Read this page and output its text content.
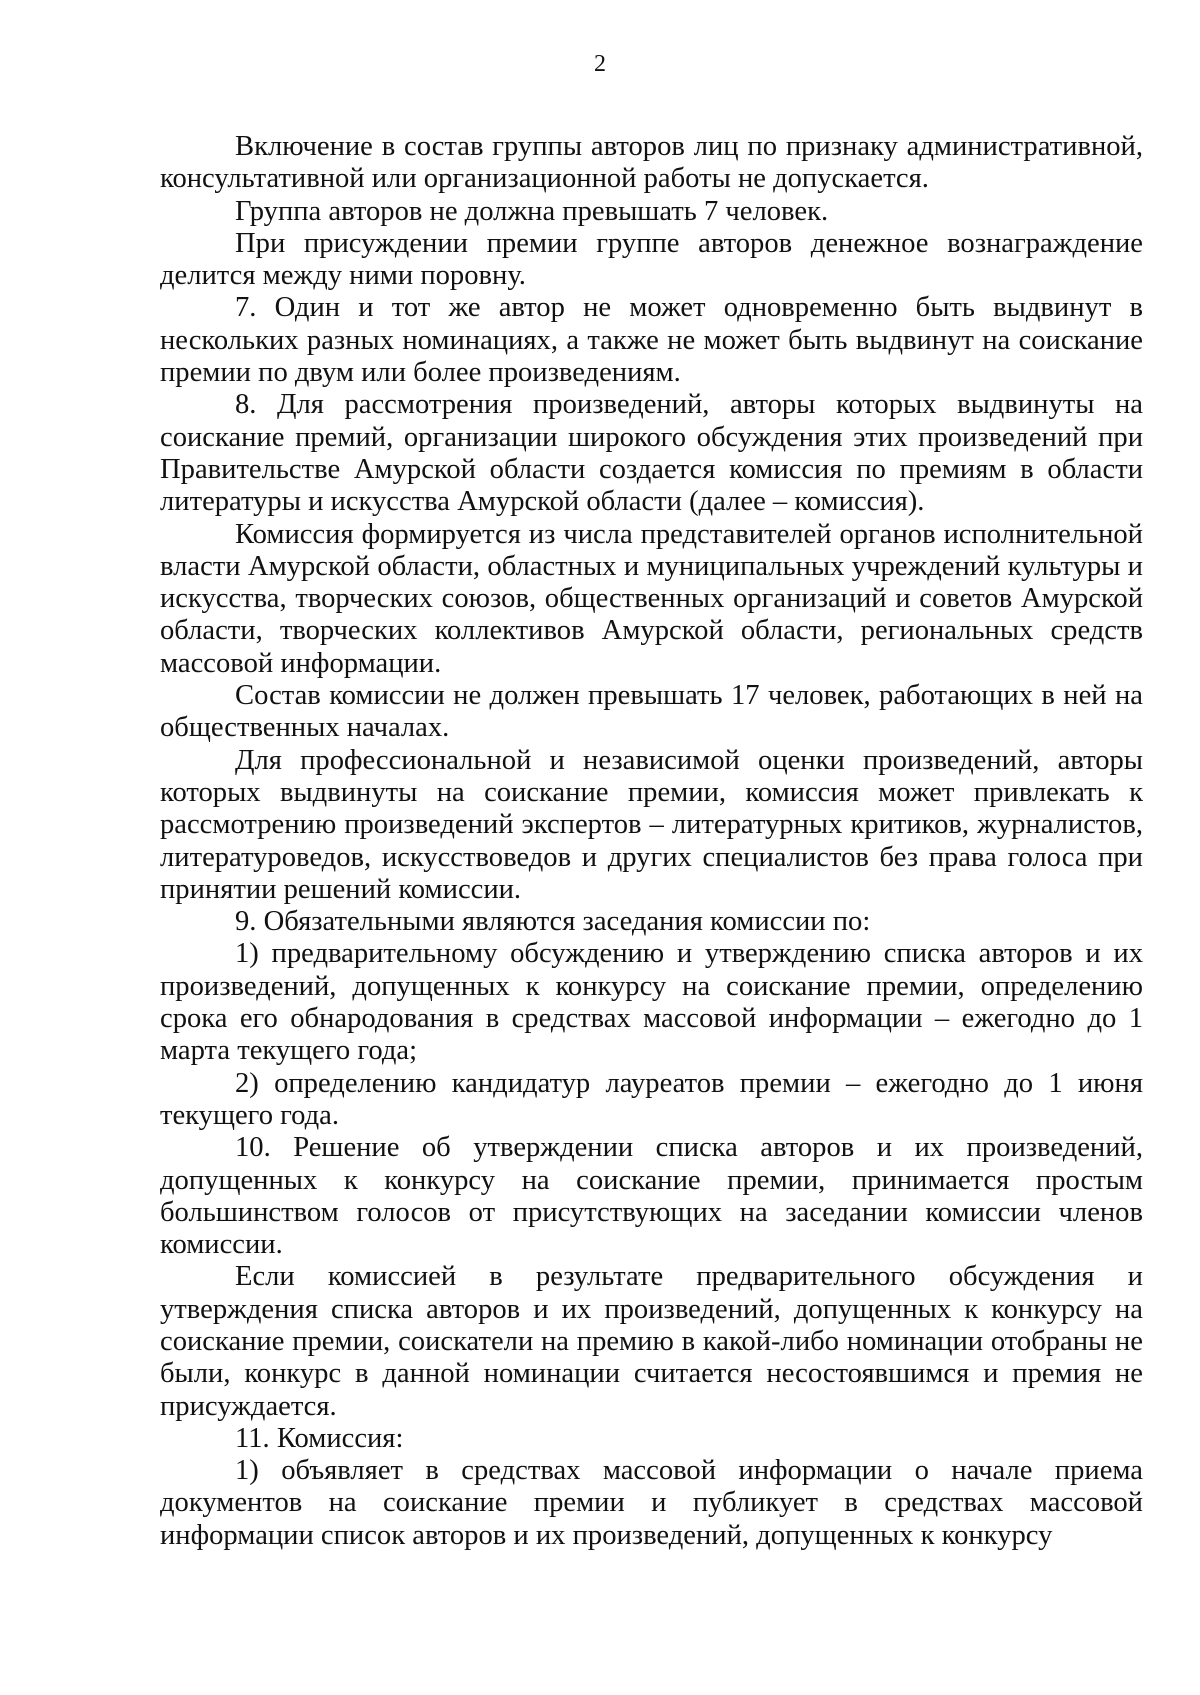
2

Включение в состав группы авторов лиц по признаку административной, консультативной или организационной работы не допускается.

Группа авторов не должна превышать 7 человек.

При присуждении премии группе авторов денежное вознаграждение делится между ними поровну.

7. Один и тот же автор не может одновременно быть выдвинут в нескольких разных номинациях, а также не может быть выдвинут на соискание премии по двум или более произведениям.

8. Для рассмотрения произведений, авторы которых выдвинуты на соискание премий, организации широкого обсуждения этих произведений при Правительстве Амурской области создается комиссия по премиям в области литературы и искусства Амурской области (далее – комиссия).

Комиссия формируется из числа представителей органов исполнительной власти Амурской области, областных и муниципальных учреждений культуры и искусства, творческих союзов, общественных организаций и советов Амурской области, творческих коллективов Амурской области, региональных средств массовой информации.

Состав комиссии не должен превышать 17 человек, работающих в ней на общественных началах.

Для профессиональной и независимой оценки произведений, авторы которых выдвинуты на соискание премии, комиссия может привлекать к рассмотрению произведений экспертов – литературных критиков, журналистов, литературоведов, искусствоведов и других специалистов без права голоса при принятии решений комиссии.

9. Обязательными являются заседания комиссии по:

1) предварительному обсуждению и утверждению списка авторов и их произведений, допущенных к конкурсу на соискание премии, определению срока его обнародования в средствах массовой информации – ежегодно до 1 марта текущего года;

2) определению кандидатур лауреатов премии – ежегодно до 1 июня текущего года.

10. Решение об утверждении списка авторов и их произведений, допущенных к конкурсу на соискание премии, принимается простым большинством голосов от присутствующих на заседании комиссии членов комиссии.

Если комиссией в результате предварительного обсуждения и утверждения списка авторов и их произведений, допущенных к конкурсу на соискание премии, соискатели на премию в какой-либо номинации отобраны не были, конкурс в данной номинации считается несостоявшимся и премия не присуждается.

11. Комиссия:

1) объявляет в средствах массовой информации о начале приема документов на соискание премии и публикует в средствах массовой информации список авторов и их произведений, допущенных к конкурсу
